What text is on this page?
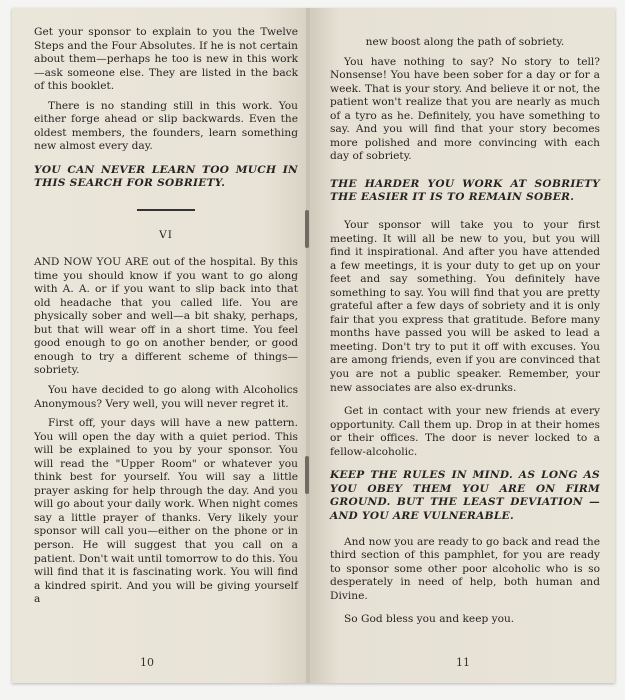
Get your sponsor to explain to you the Twelve Steps and the Four Absolutes. If he is not certain about them—perhaps he too is new in this work—ask someone else. They are listed in the back of this booklet.

There is no standing still in this work. You either forge ahead or slip backwards. Even the oldest members, the founders, learn something new almost every day.

YOU CAN NEVER LEARN TOO MUCH IN THIS SEARCH FOR SOBRIETY.

VI

AND NOW YOU ARE out of the hospital. By this time you should know if you want to go along with A. A. or if you want to slip back into that old headache that you called life. You are physically sober and well—a bit shaky, perhaps, but that will wear off in a short time. You feel good enough to go on another bender, or good enough to try a different scheme of things—sobriety.

You have decided to go along with Alcoholics Anonymous? Very well, you will never regret it.

First off, your days will have a new pattern. You will open the day with a quiet period. This will be explained to you by your sponsor. You will read the "Upper Room" or whatever you think best for yourself. You will say a little prayer asking for help through the day. And you will go about your daily work. When night comes say a little prayer of thanks. Very likely your sponsor will call you—either on the phone or in person. He will suggest that you call on a patient. Don't wait until tomorrow to do this. You will find that it is fascinating work. You will find a kindred spirit. And you will be giving yourself a

10

new boost along the path of sobriety.

You have nothing to say? No story to tell? Nonsense! You have been sober for a day or for a week. That is your story. And believe it or not, the patient won't realize that you are nearly as much of a tyro as he. Definitely, you have something to say. And you will find that your story becomes more polished and more convincing with each day of sobriety.

THE HARDER YOU WORK AT SOBRIETY THE EASIER IT IS TO REMAIN SOBER.

Your sponsor will take you to your first meeting. It will all be new to you, but you will find it inspirational. And after you have attended a few meetings, it is your duty to get up on your feet and say something. You definitely have something to say. You will find that you are pretty grateful after a few days of sobriety and it is only fair that you express that gratitude. Before many months have passed you will be asked to lead a meeting. Don't try to put it off with excuses. You are among friends, even if you are convinced that you are not a public speaker. Remember, your new associates are also ex-drunks.

Get in contact with your new friends at every opportunity. Call them up. Drop in at their homes or their offices. The door is never locked to a fellow-alcoholic.

KEEP THE RULES IN MIND. AS LONG AS YOU OBEY THEM YOU ARE ON FIRM GROUND. BUT THE LEAST DEVIATION —AND YOU ARE VULNERABLE.

And now you are ready to go back and read the third section of this pamphlet, for you are ready to sponsor some other poor alcoholic who is so desperately in need of help, both human and Divine.

So God bless you and keep you.

11
